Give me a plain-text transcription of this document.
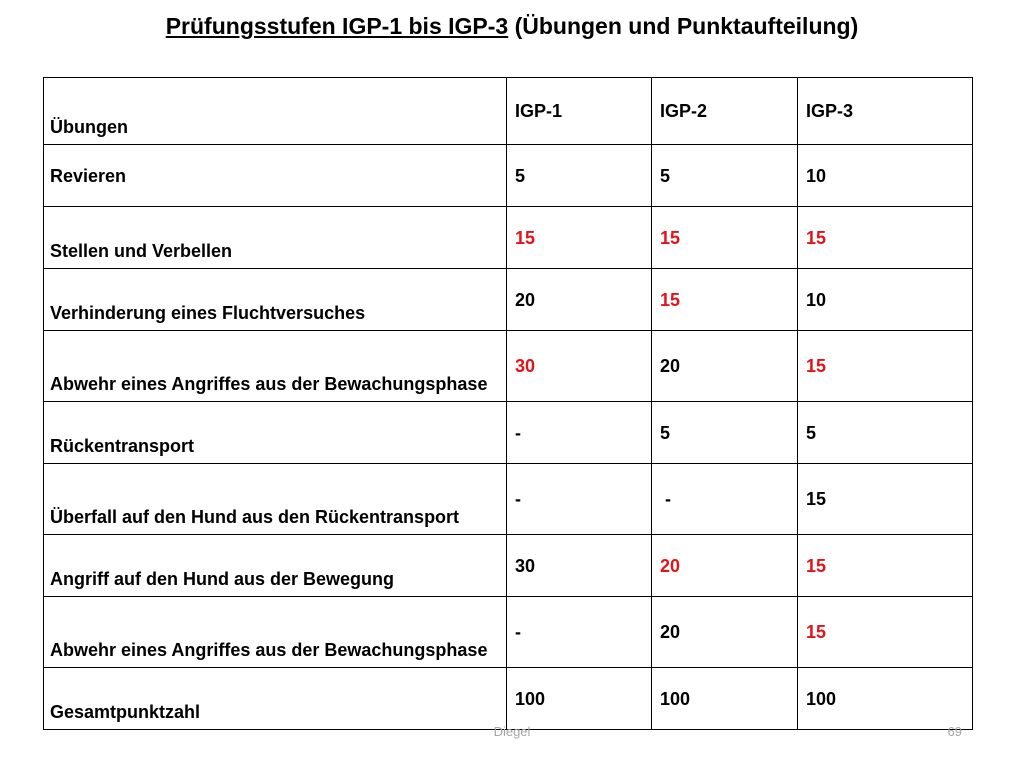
Prüfungsstufen IGP-1 bis IGP-3 (Übungen und Punktaufteilung)
Übungen	IGP-1	IGP-2	IGP-3
Revieren	5	5	10
Stellen und Verbellen	15	15	15
Verhinderung eines Fluchtversuches	20	15	10
Abwehr eines Angriffes aus der Bewachungsphase	30	20	15
Rückentransport	-	5	5
Überfall auf den Hund aus den Rückentransport	-	-	15
Angriff auf den Hund aus der Bewegung	30	20	15
Abwehr eines Angriffes aus der Bewachungsphase	-	20	15
Gesamtpunktzahl	100	100	100
Diegel	69
